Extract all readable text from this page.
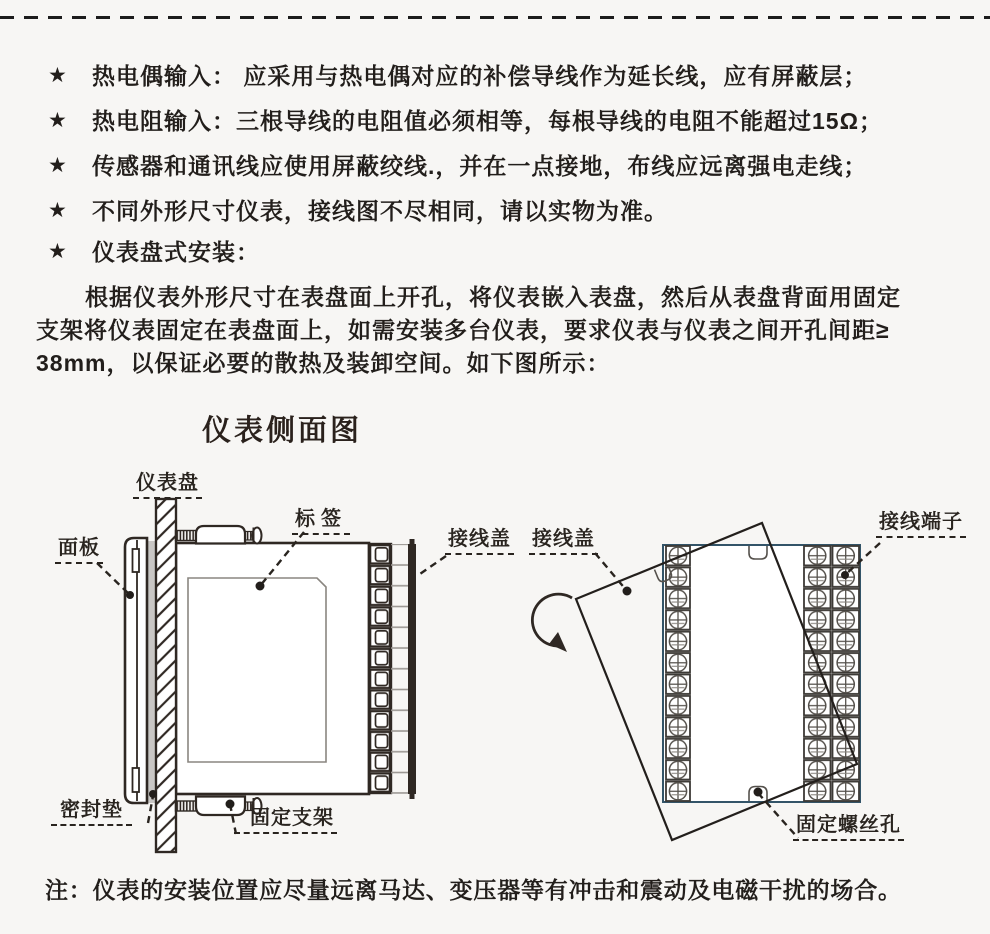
★	热电偶输入： 应采用与热电偶对应的补偿导线作为延长线，应有屏蔽层；
★	热电阻输入：三根导线的电阻值必须相等，每根导线的电阻不能超过15Ω；
★	传感器和通讯线应使用屏蔽绞线.，并在一点接地，布线应远离强电走线；
★	不同外形尺寸仪表，接线图不尽相同，请以实物为准。
★	仪表盘式安装：
根据仪表外形尺寸在表盘面上开孔，将仪表嵌入表盘，然后从表盘背面用固定
支架将仪表固定在表盘面上，如需安装多台仪表，要求仪表与仪表之间开孔间距≥
38mm，以保证必要的散热及装卸空间。如下图所示：
仪表侧面图
仪表盘
面板
标签
接线盖
密封垫	固定支架
接线盖
接线端子
固定螺丝孔
注：仪表的安装位置应尽量远离马达、变压器等有冲击和震动及电磁干扰的场合。
